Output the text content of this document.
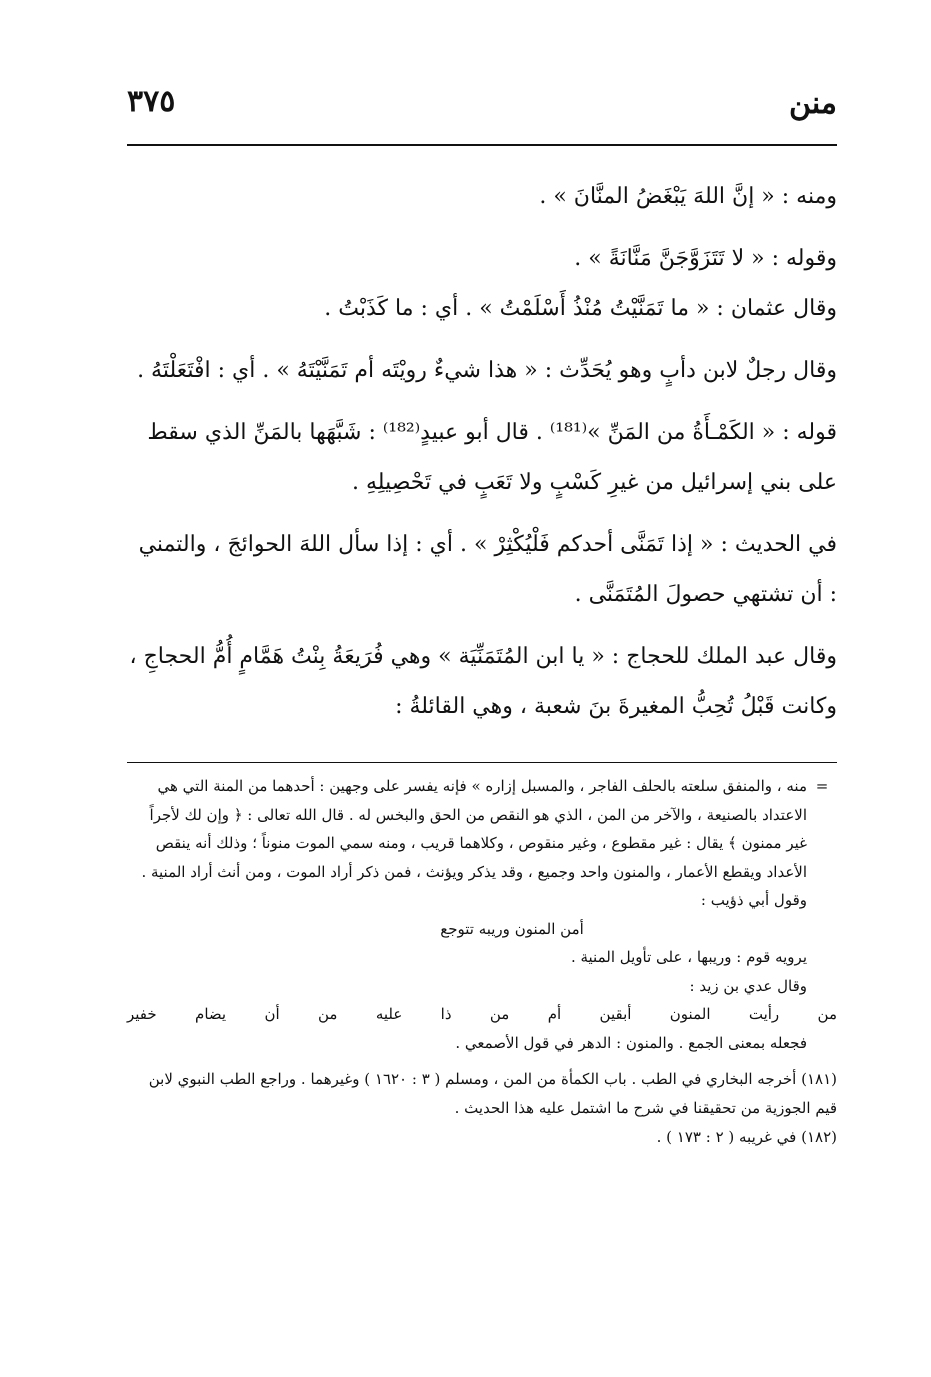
منن
٣٧٥

ومنه : « إنَّ اللهَ يَبْغَضُ المنَّانَ » .

وقوله : « لا تَتَزَوَّجَنَّ مَنَّانَةً » .

وقال عثمان : « ما تَمَنَّيْتُ مُنْذُ أَسْلَمْتُ » . أي : ما كَذَبْتُ .

وقال رجلٌ لابن دأبٍ وهو يُحَدِّث : « هذا شيءٌ رويْتَه أم تَمَنَّيْتَهُ » . أي : افْتَعَلْتَهُ .

قوله : « الكَمْـأَةُ من المَنِّ »⁽¹⁸¹⁾ . قال أبو عبيدٍ⁽¹⁸²⁾ : شَبَّهَها بالمَنِّ الذي سقط على بني إسرائيل من غيرِ كَسْبٍ ولا تَعَبٍ في تَحْصِيلِهِ .

في الحديث : « إذا تَمَنَّى أحدكم فَلْيُكْثِرْ » . أي : إذا سأل اللهَ الحوائجَ ، والتمني : أن تشتهي حصولَ المُتَمَنَّى .

وقال عبد الملك للحجاج : « يا ابن المُتَمَنِّيَة » وهي فُرَيعَةُ بِنْتُ هَمَّامٍ أُمُّ الحجاجِ ، وكانت قَبْلُ تُحِبُّ المغيرةَ بنَ شعبة ، وهي القائلةُ :

=منه ، والمنفق سلعته بالحلف الفاجر ، والمسبل إزاره » فإنه يفسر على وجهين : أحدهما من المنة التي هي الاعتداد بالصنيعة ، والآخر من المن ، الذي هو النقص من الحق والبخس له . قال الله تعالى : ﴿ وإن لك لأجراً غير ممنون ﴾ يقال : غير مقطوع ، وغير منقوص ، وكلاهما قريب ، ومنه سمي الموت منوناً ؛ وذلك أنه ينقص الأعداد ويقطع الأعمار ، والمنون واحد وجميع ، وقد يذكر ويؤنث ، فمن ذكر أراد الموت ، ومن أنث أراد المنية .

وقول أبي ذؤيب :

أمن المنون وريبه تتوجع

يرويه قوم : وريبها ، على تأويل المنية .

وقال عدي بن زيد :

من رأيت المنون أبقين أم من ذا عليه من أن يضام خفير

فجعله بمعنى الجمع . والمنون : الدهر في قول الأصمعي .

(١٨١) أخرجه البخاري في الطب . باب الكمأة من المن ، ومسلم ( ٣ : ١٦٢٠ ) وغيرهما . وراجع الطب النبوي لابن قيم الجوزية من تحقيقنا في شرح ما اشتمل عليه هذا الحديث .

(١٨٢) في غريبه ( ٢ : ١٧٣ ) .
